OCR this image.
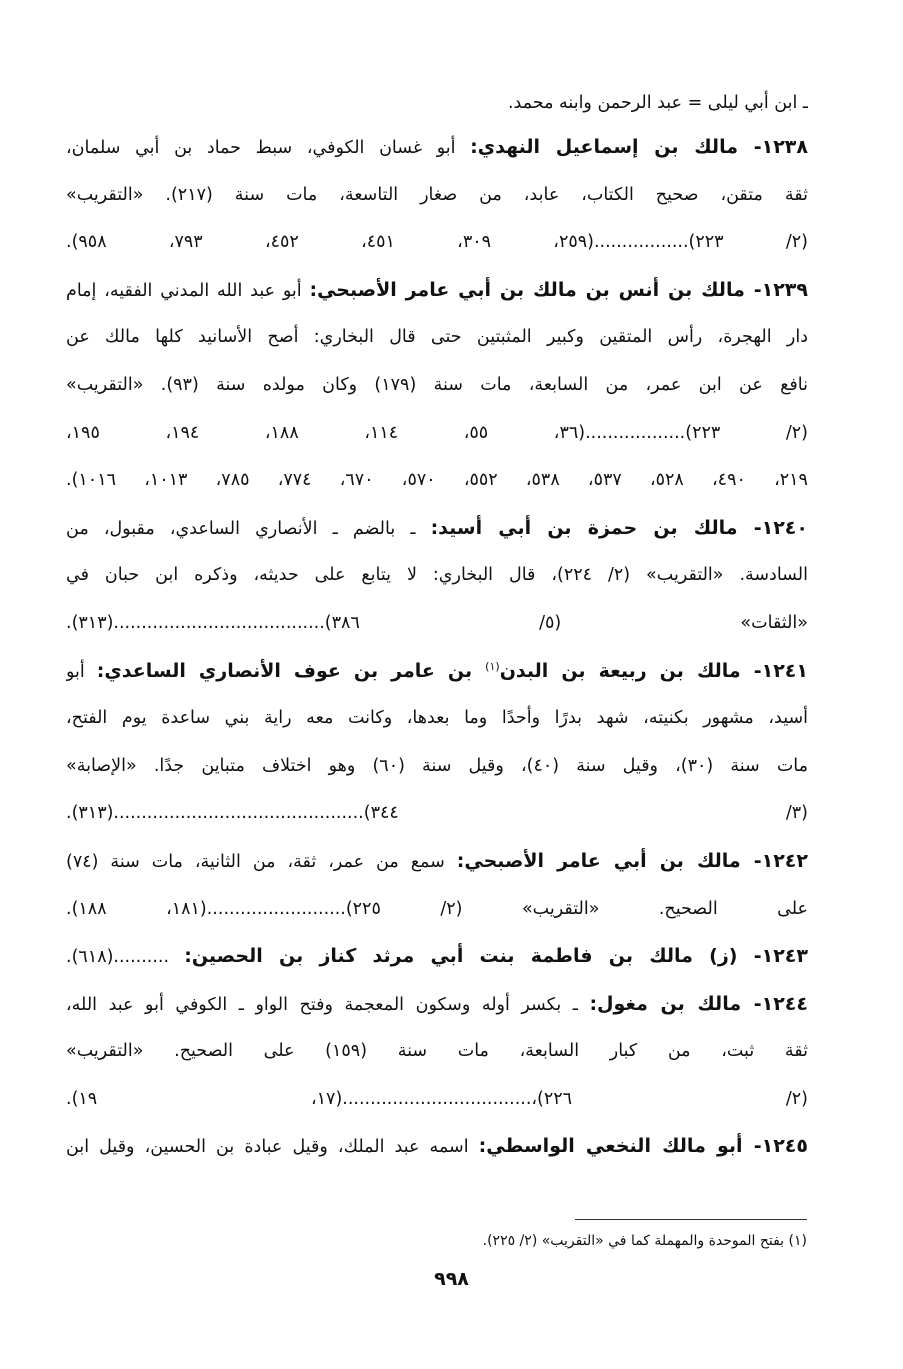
ـ ابن أبي ليلى = عبد الرحمن وابنه محمد.
١٢٣٨- مالك بن إسماعيل النهدي: أبو غسان الكوفي، سبط حماد بن أبي سلمان،
ثقة متقن، صحيح الكتاب، عابد، من صغار التاسعة، مات سنة (٢١٧). «التقريب»
(٢/ ٢٢٣).................(٢٥٩، ٣٠٩، ٤٥١، ٤٥٢، ٧٩٣، ٩٥٨).
١٢٣٩- مالك بن أنس بن مالك بن أبي عامر الأصبحي: أبو عبد الله المدني الفقيه، إمام
دار الهجرة، رأس المتقين وكبير المثبتين حتى قال البخاري: أصح الأسانيد كلها مالك عن
نافع عن ابن عمر، من السابعة، مات سنة (١٧٩) وكان مولده سنة (٩٣). «التقريب»
(٢/ ٢٢٣)..................(٣٦، ٥٥، ١١٤، ١٨٨، ١٩٤، ١٩٥،
٢١٩، ٤٩٠، ٥٢٨، ٥٣٧، ٥٣٨، ٥٥٢، ٥٧٠، ٦٧٠، ٧٧٤، ٧٨٥، ١٠١٣، ١٠١٦).
١٢٤٠- مالك بن حمزة بن أبي أسيد: ـ بالضم ـ الأنصاري الساعدي، مقبول، من
السادسة. «التقريب» (٢/ ٢٢٤)، قال البخاري: لا يتابع على حديثه، وذكره ابن حبان في
«الثقات» (٥/ ٣٨٦)......................................(٣١٣).
١٢٤١- مالك بن ربيعة بن البدن$^{(١)}$ بن عامر بن عوف الأنصاري الساعدي: أبو
أسيد، مشهور بكنيته، شهد بدرًا وأحدًا وما بعدها، وكانت معه راية بني ساعدة يوم الفتح،
مات سنة (٣٠)، وقيل سنة (٤٠)، وقيل سنة (٦٠) وهو اختلاف متباين جدًا. «الإصابة»
(٣/ ٣٤٤).............................................(٣١٣).
١٢٤٢- مالك بن أبي عامر الأصبحي: سمع من عمر، ثقة، من الثانية، مات سنة (٧٤)
على الصحيح. «التقريب» (٢/ ٢٢٥).........................(١٨١، ١٨٨).
١٢٤٣- (ز) مالك بن فاطمة بنت أبي مرثد كناز بن الحصين: ..........(٦١٨).
١٢٤٤- مالك بن مغول: ـ بكسر أوله وسكون المعجمة وفتح الواو ـ الكوفي أبو عبد الله،
ثقة ثبت، من كبار السابعة، مات سنة (١٥٩) على الصحيح. «التقريب»
(٢/ ٢٢٦)،..................................(١٧، ١٩).
١٢٤٥- أبو مالك النخعي الواسطي: اسمه عبد الملك، وقيل عبادة بن الحسين، وقيل ابن
(١) بفتح الموحدة والمهملة كما في «التقريب» (٢/ ٢٢٥).
٩٩٨
